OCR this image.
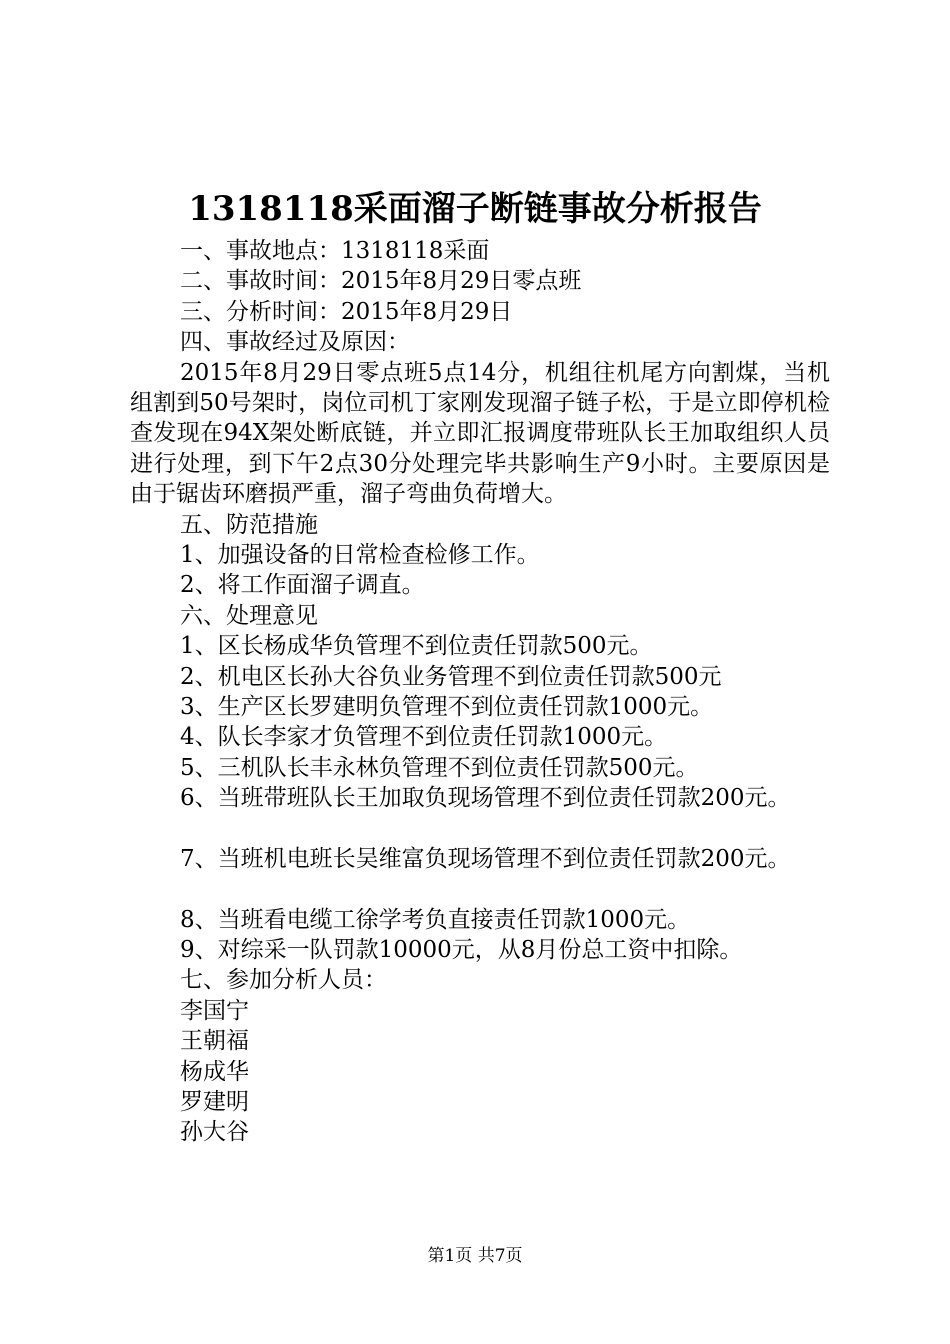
1318118采面溜子断链事故分析报告
一、事故地点：1318118采面
二、事故时间：2015年8月29日零点班
三、分析时间：2015年8月29日
四、事故经过及原因：

2015年8月29日零点班5点14分，机组往机尾方向割煤，当机组割到50号架时，岗位司机丁家刚发现溜子链子松，于是立即停机检查发现在94X架处断底链，并立即汇报调度带班队长王加取组织人员进行处理，到下午2点30分处理完毕共影响生产9小时。主要原因是由于锯齿环磨损严重，溜子弯曲负荷增大。

五、防范措施
1、加强设备的日常检查检修工作。
2、将工作面溜子调直。
六、处理意见
1、区长杨成华负管理不到位责任罚款500元。
2、机电区长孙大谷负业务管理不到位责任罚款500元
3、生产区长罗建明负管理不到位责任罚款1000元。
4、队长李家才负管理不到位责任罚款1000元。
5、三机队长丰永林负管理不到位责任罚款500元。
6、当班带班队长王加取负现场管理不到位责任罚款200元。
7、当班机电班长吴维富负现场管理不到位责任罚款200元。
8、当班看电缆工徐学考负直接责任罚款1000元。
9、对综采一队罚款10000元，从8月份总工资中扣除。
七、参加分析人员：
李国宁
王朝福
杨成华
罗建明
孙大谷
第1页 共7页
